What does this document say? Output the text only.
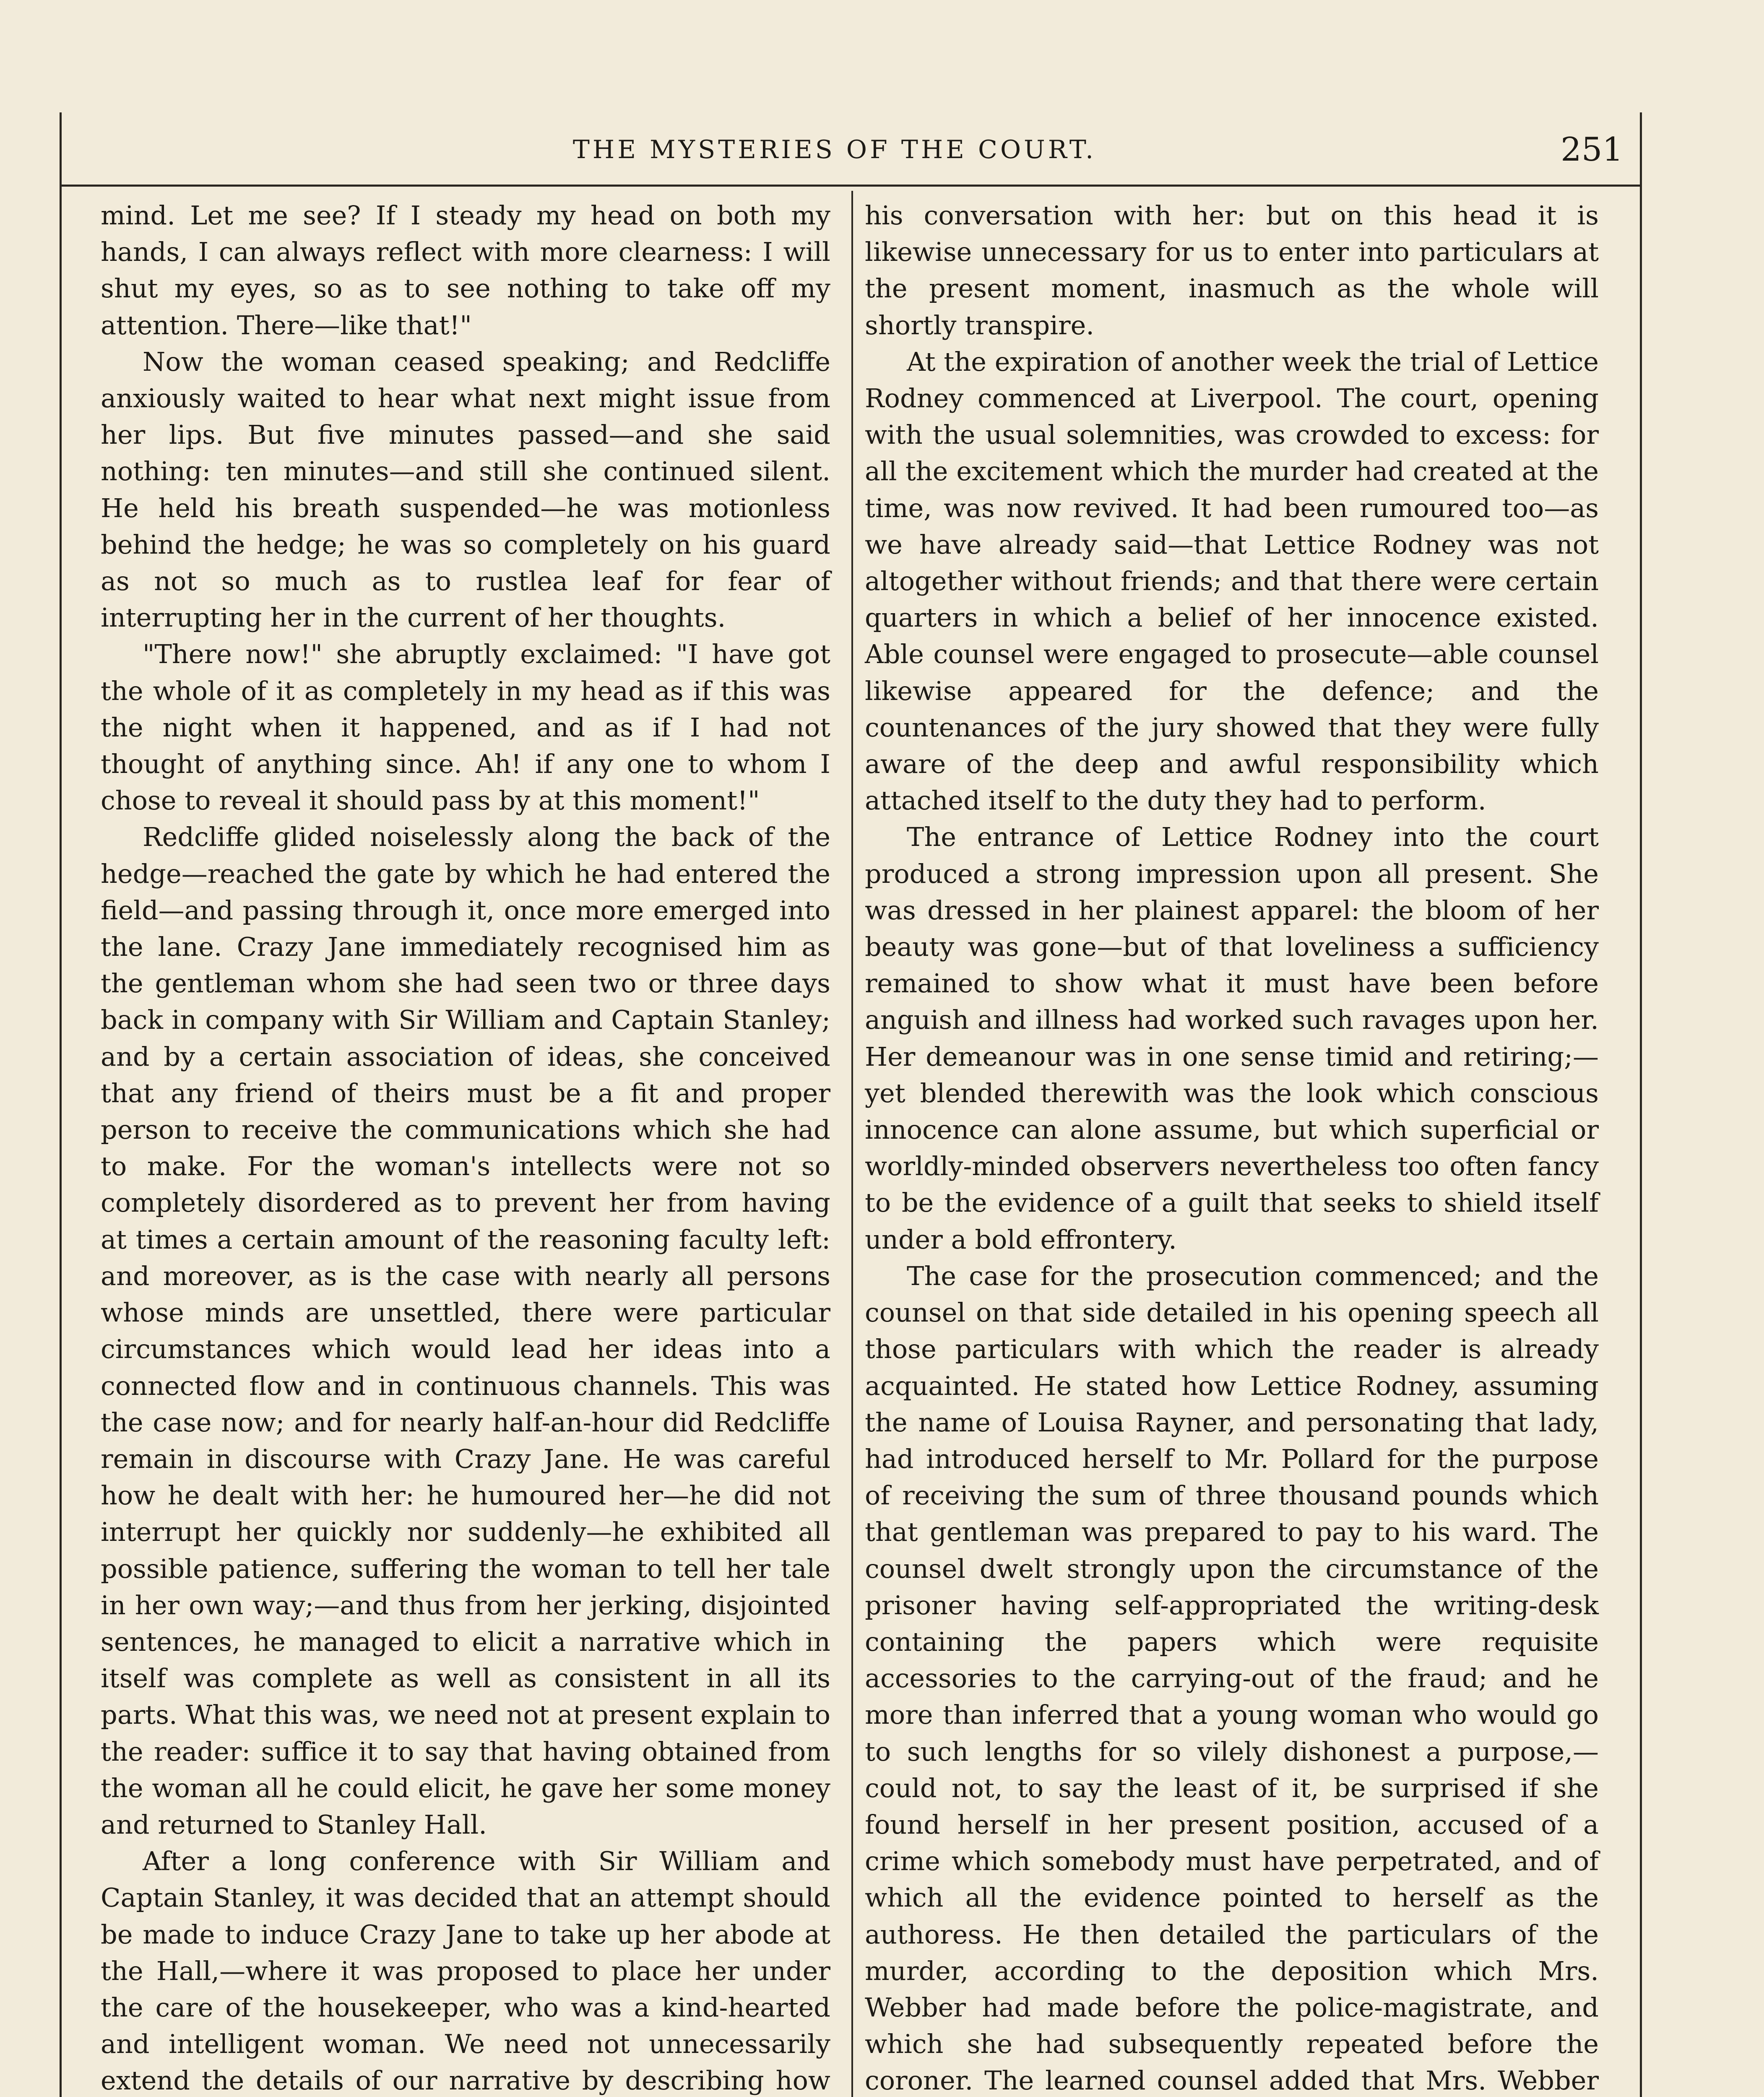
THE MYSTERIES OF THE COURT.	251

mind. Let me see? If I steady my head on both my hands, I can always reflect with more clearness: I will shut my eyes, so as to see nothing to take off my attention. There—like that!"

Now the woman ceased speaking; and Redcliffe anxiously waited to hear what next might issue from her lips. But five minutes passed—and she said nothing: ten minutes—and still she continued silent. He held his breath suspended—he was motionless behind the hedge; he was so completely on his guard as not so much as to rustlea leaf for fear of interrupting her in the current of her thoughts.

"There now!" she abruptly exclaimed: "I have got the whole of it as completely in my head as if this was the night when it happened, and as if I had not thought of anything since. Ah! if any one to whom I chose to reveal it should pass by at this moment!"

Redcliffe glided noiselessly along the back of the hedge—reached the gate by which he had entered the field—and passing through it, once more emerged into the lane. Crazy Jane immediately recognised him as the gentleman whom she had seen two or three days back in company with Sir William and Captain Stanley; and by a certain association of ideas, she conceived that any friend of theirs must be a fit and proper person to receive the communications which she had to make. For the woman's intellects were not so completely disordered as to prevent her from having at times a certain amount of the reasoning faculty left: and moreover, as is the case with nearly all persons whose minds are unsettled, there were particular circumstances which would lead her ideas into a connected flow and in continuous channels. This was the case now; and for nearly half-an-hour did Redcliffe remain in discourse with Crazy Jane. He was careful how he dealt with her: he humoured her—he did not interrupt her quickly nor suddenly—he exhibited all possible patience, suffering the woman to tell her tale in her own way;—and thus from her jerking, disjointed sentences, he managed to elicit a narrative which in itself was complete as well as consistent in all its parts. What this was, we need not at present explain to the reader: suffice it to say that having obtained from the woman all he could elicit, he gave her some money and returned to Stanley Hall.

After a long conference with Sir William and Captain Stanley, it was decided that an attempt should be made to induce Crazy Jane to take up her abode at the Hall,—where it was proposed to place her under the care of the housekeeper, who was a kind-hearted and intelligent woman. We need not unnecessarily extend the details of our narrative by describing how

his conversation with her: but on this head it is likewise unnecessary for us to enter into particulars at the present moment, inasmuch as the whole will shortly transpire.

At the expiration of another week the trial of Lettice Rodney commenced at Liverpool. The court, opening with the usual solemnities, was crowded to excess: for all the excitement which the murder had created at the time, was now revived. It had been rumoured too—as we have already said—that Lettice Rodney was not altogether without friends; and that there were certain quarters in which a belief of her innocence existed. Able counsel were engaged to prosecute—able counsel likewise appeared for the defence; and the countenances of the jury showed that they were fully aware of the deep and awful responsibility which attached itself to the duty they had to perform.

The entrance of Lettice Rodney into the court produced a strong impression upon all present. She was dressed in her plainest apparel: the bloom of her beauty was gone—but of that loveliness a sufficiency remained to show what it must have been before anguish and illness had worked such ravages upon her. Her demeanour was in one sense timid and retiring;—yet blended therewith was the look which conscious innocence can alone assume, but which superficial or worldly-minded observers nevertheless too often fancy to be the evidence of a guilt that seeks to shield itself under a bold effrontery.

The case for the prosecution commenced; and the counsel on that side detailed in his opening speech all those particulars with which the reader is already acquainted. He stated how Lettice Rodney, assuming the name of Louisa Rayner, and personating that lady, had introduced herself to Mr. Pollard for the purpose of receiving the sum of three thousand pounds which that gentleman was prepared to pay to his ward. The counsel dwelt strongly upon the circumstance of the prisoner having self-appropriated the writing-desk containing the papers which were requisite accessories to the carrying-out of the fraud; and he more than inferred that a young woman who would go to such lengths for so vilely dishonest a purpose,—could not, to say the least of it, be surprised if she found herself in her present position, accused of a crime which somebody must have perpetrated, and of which all the evidence pointed to herself as the authoress. He then detailed the particulars of the murder, according to the deposition which Mrs. Webber had made before the police-magistrate, and which she had subsequently repeated before the coroner. The learned counsel added that Mrs. Webber
